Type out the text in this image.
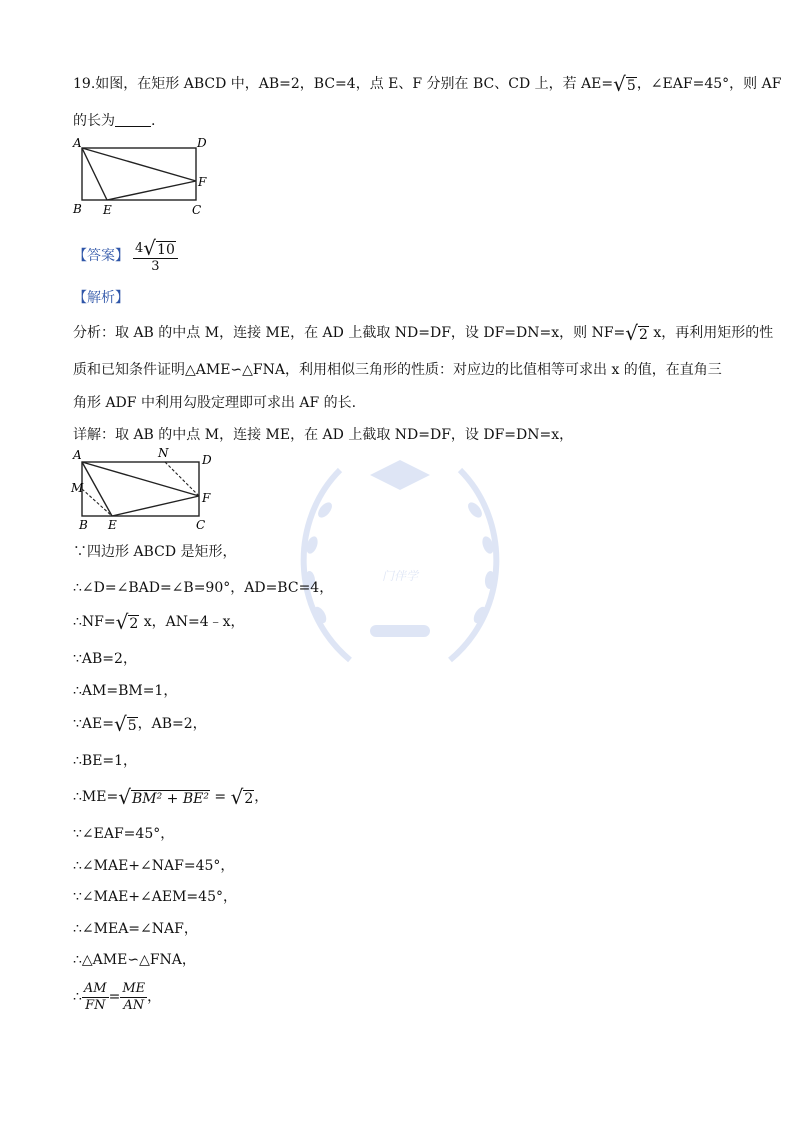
门伴学
19.如图，在矩形 ABCD 中，AB=2，BC=4，点 E、F 分别在 BC、CD 上，若 AE= √ 5 ，∠EAF=45°，则 AF
的长为	.
A	D
B E	C
F
【答案】 $\frac{4 √ 10}{3}$
【解析】
分析：取 AB 的中点 M，连接 ME，在 AD 上截取 ND=DF，设 DF=DN=x，则 NF= √ 2 x，再利用矩形的性
质和已知条件证明△AME∽△FNA，利用相似三角形的性质：对应边的比值相等可求出 x 的值，在直角三
角形 ADF 中利用勾股定理即可求出 AF 的长.
详解：取 AB 的中点 M，连接 ME，在 AD 上截取 ND=DF，设 DF=DN=x，
A	N	D
M
F
B E	C
∵四边形 ABCD 是矩形，
∴∠D=∠BAD=∠B=90°，AD=BC=4，
∴NF= √ 2 x，AN=4﹣x，
∵AB=2，
∴AM=BM=1，
∵AE= √ 5 ，AB=2，
∴BE=1，
∴ME= √ BM² + BE² = √ 2 ，
∵∠EAF=45°，
∴∠MAE+∠NAF=45°，
∵∠MAE+∠AEM=45°，
∴∠MEA=∠NAF，
∴△AME∽△FNA，
∴ $\frac{AM}{FN} = \frac{ME}{AN}$ ，
